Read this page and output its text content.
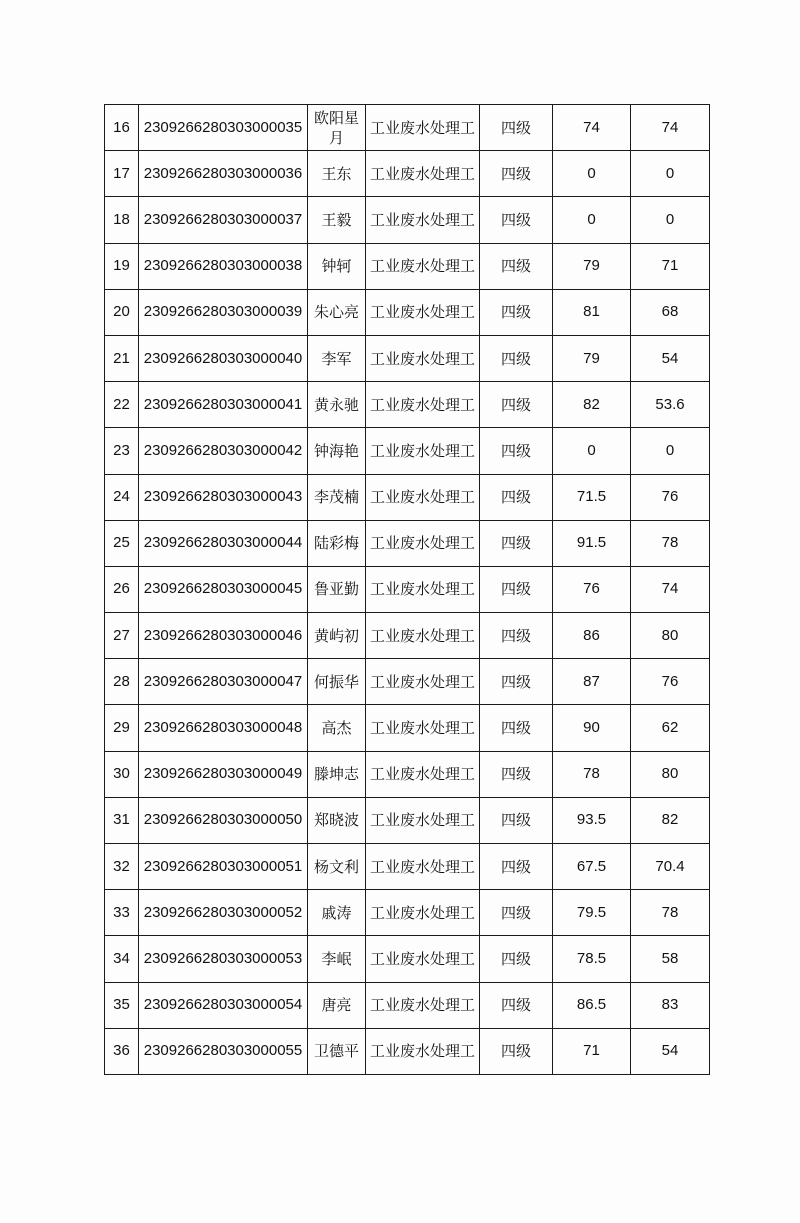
16	2309266280303000035	欧阳星月	工业废水处理工	四级	74	74
17	2309266280303000036	王东	工业废水处理工	四级	0	0
18	2309266280303000037	王毅	工业废水处理工	四级	0	0
19	2309266280303000038	钟轲	工业废水处理工	四级	79	71
20	2309266280303000039	朱心亮	工业废水处理工	四级	81	68
21	2309266280303000040	李军	工业废水处理工	四级	79	54
22	2309266280303000041	黄永驰	工业废水处理工	四级	82	53.6
23	2309266280303000042	钟海艳	工业废水处理工	四级	0	0
24	2309266280303000043	李茂楠	工业废水处理工	四级	71.5	76
25	2309266280303000044	陆彩梅	工业废水处理工	四级	91.5	78
26	2309266280303000045	鲁亚勤	工业废水处理工	四级	76	74
27	2309266280303000046	黄屿初	工业废水处理工	四级	86	80
28	2309266280303000047	何振华	工业废水处理工	四级	87	76
29	2309266280303000048	高杰	工业废水处理工	四级	90	62
30	2309266280303000049	滕坤志	工业废水处理工	四级	78	80
31	2309266280303000050	郑晓波	工业废水处理工	四级	93.5	82
32	2309266280303000051	杨文利	工业废水处理工	四级	67.5	70.4
33	2309266280303000052	戚涛	工业废水处理工	四级	79.5	78
34	2309266280303000053	李岷	工业废水处理工	四级	78.5	58
35	2309266280303000054	唐亮	工业废水处理工	四级	86.5	83
36	2309266280303000055	卫德平	工业废水处理工	四级	71	54
